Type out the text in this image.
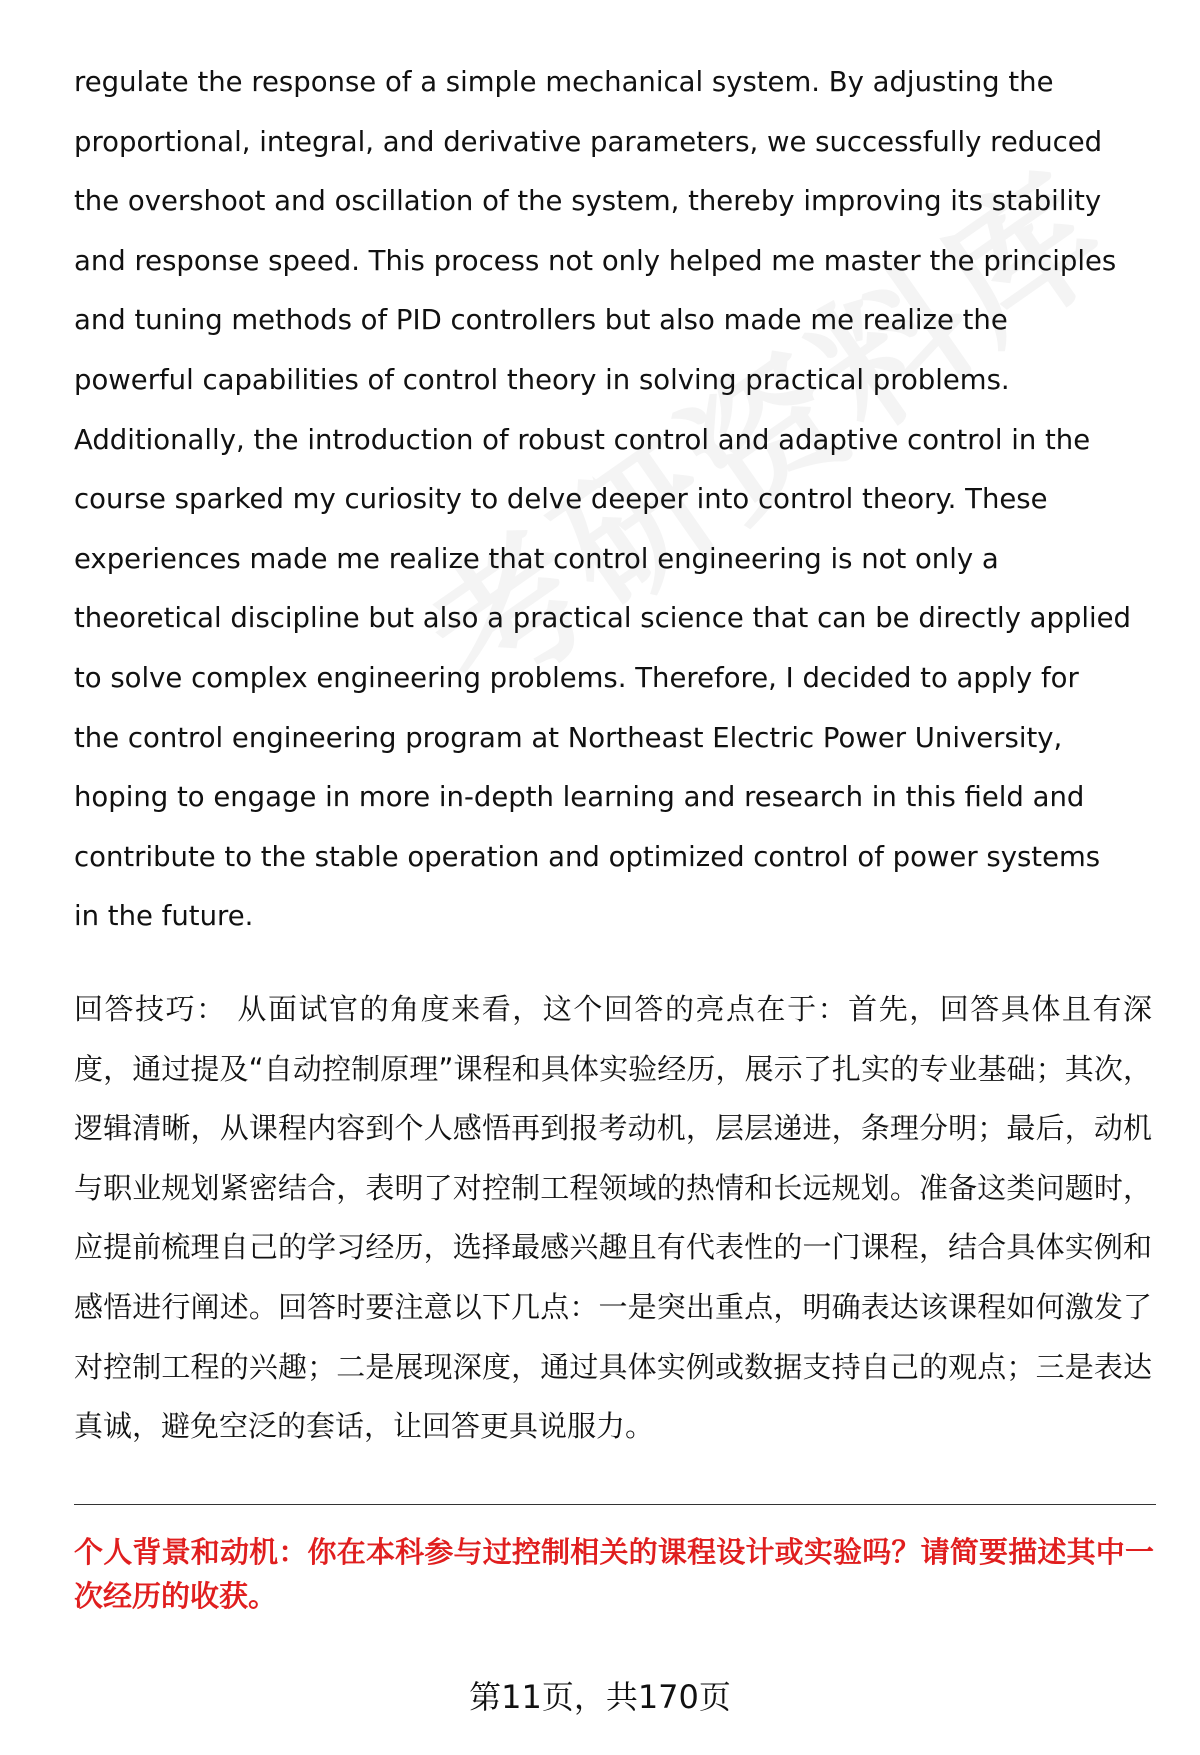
regulate the response of a simple mechanical system. By adjusting the
proportional, integral, and derivative parameters, we successfully reduced
the overshoot and oscillation of the system, thereby improving its stability
and response speed. This process not only helped me master the principles
and tuning methods of PID controllers but also made me realize the
powerful capabilities of control theory in solving practical problems.
Additionally, the introduction of robust control and adaptive control in the
course sparked my curiosity to delve deeper into control theory. These
experiences made me realize that control engineering is not only a
theoretical discipline but also a practical science that can be directly applied
to solve complex engineering problems. Therefore, I decided to apply for
the control engineering program at Northeast Electric Power University,
hoping to engage in more in-depth learning and research in this field and
contribute to the stable operation and optimized control of power systems
in the future.
回答技巧： 从面试官的角度来看，这个回答的亮点在于：首先，回答具体且有深度，通过提及“自动控制原理”课程和具体实验经历，展示了扎实的专业基础；其次，逻辑清晰，从课程内容到个人感悟再到报考动机，层层递进，条理分明；最后，动机与职业规划紧密结合，表明了对控制工程领域的热情和长远规划。准备这类问题时，应提前梳理自己的学习经历，选择最感兴趣且有代表性的一门课程，结合具体实例和感悟进行阐述。回答时要注意以下几点：一是突出重点，明确表达该课程如何激发了对控制工程的兴趣；二是展现深度，通过具体实例或数据支持自己的观点；三是表达真诚，避免空泛的套话，让回答更具说服力。
个人背景和动机：你在本科参与过控制相关的课程设计或实验吗？请简要描述其中一次经历的收获。
第11页，共170页
